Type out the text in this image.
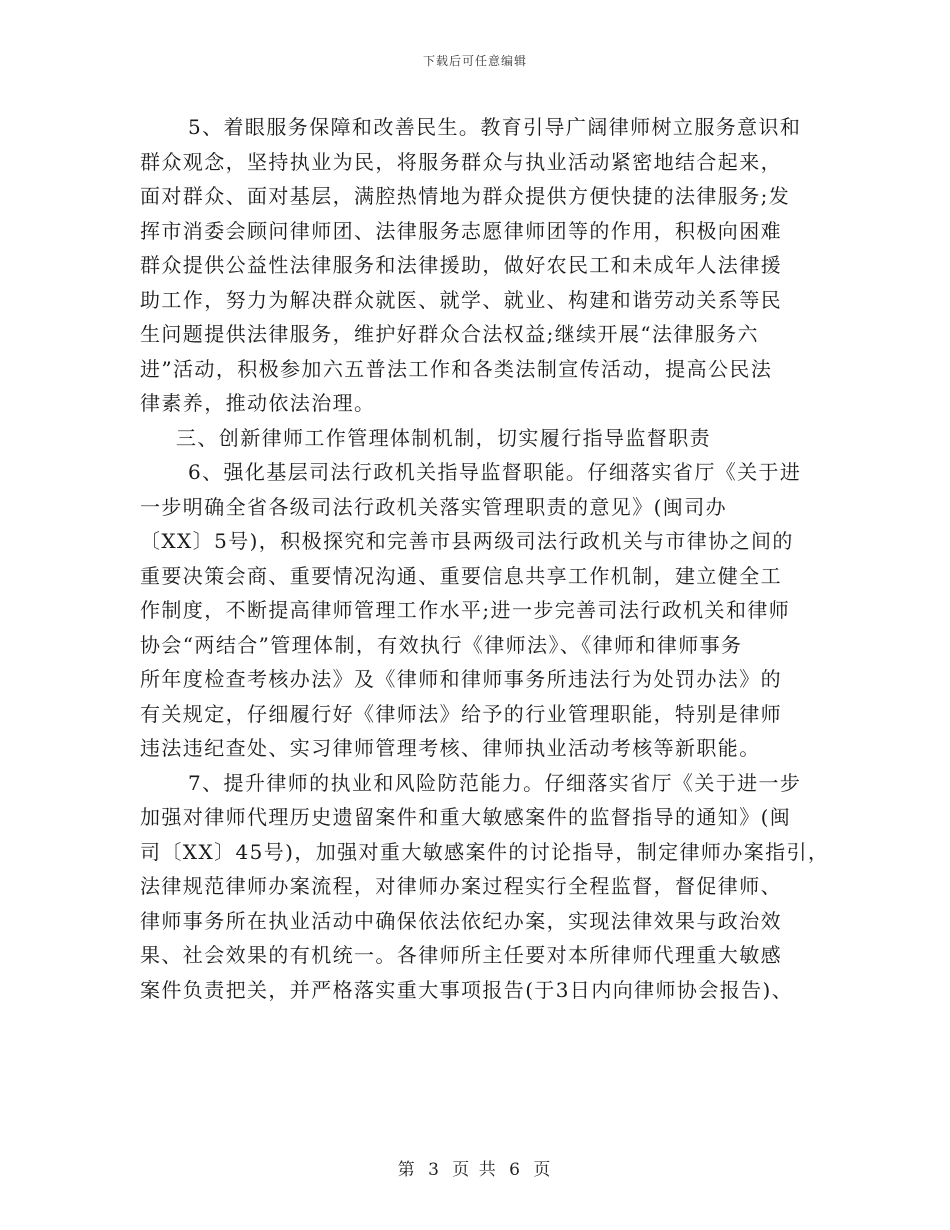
下载后可任意编辑
5、着眼服务保障和改善民生。教育引导广阔律师树立服务意识和
群众观念，坚持执业为民，将服务群众与执业活动紧密地结合起来，
面对群众、面对基层，满腔热情地为群众提供方便快捷的法律服务;发
挥市消委会顾问律师团、法律服务志愿律师团等的作用，积极向困难
群众提供公益性法律服务和法律援助，做好农民工和未成年人法律援
助工作，努力为解决群众就医、就学、就业、构建和谐劳动关系等民
生问题提供法律服务，维护好群众合法权益;继续开展“法律服务六
进”活动，积极参加六五普法工作和各类法制宣传活动，提高公民法
律素养，推动依法治理。
三、创新律师工作管理体制机制，切实履行指导监督职责
6、强化基层司法行政机关指导监督职能。仔细落实省厅《关于进
一步明确全省各级司法行政机关落实管理职责的意见》(闽司办
〔XX〕5号)，积极探究和完善市县两级司法行政机关与市律协之间的
重要决策会商、重要情况沟通、重要信息共享工作机制，建立健全工
作制度，不断提高律师管理工作水平;进一步完善司法行政机关和律师
协会“两结合”管理体制，有效执行《律师法》、《律师和律师事务
所年度检查考核办法》及《律师和律师事务所违法行为处罚办法》的
有关规定，仔细履行好《律师法》给予的行业管理职能，特别是律师
违法违纪查处、实习律师管理考核、律师执业活动考核等新职能。
7、提升律师的执业和风险防范能力。仔细落实省厅《关于进一步
加强对律师代理历史遗留案件和重大敏感案件的监督指导的通知》(闽
司〔XX〕45号)，加强对重大敏感案件的讨论指导，制定律师办案指引，
法律规范律师办案流程，对律师办案过程实行全程监督，督促律师、
律师事务所在执业活动中确保依法依纪办案，实现法律效果与政治效
果、社会效果的有机统一。各律师所主任要对本所律师代理重大敏感
案件负责把关，并严格落实重大事项报告(于3日内向律师协会报告)、
第 3 页 共 6 页
